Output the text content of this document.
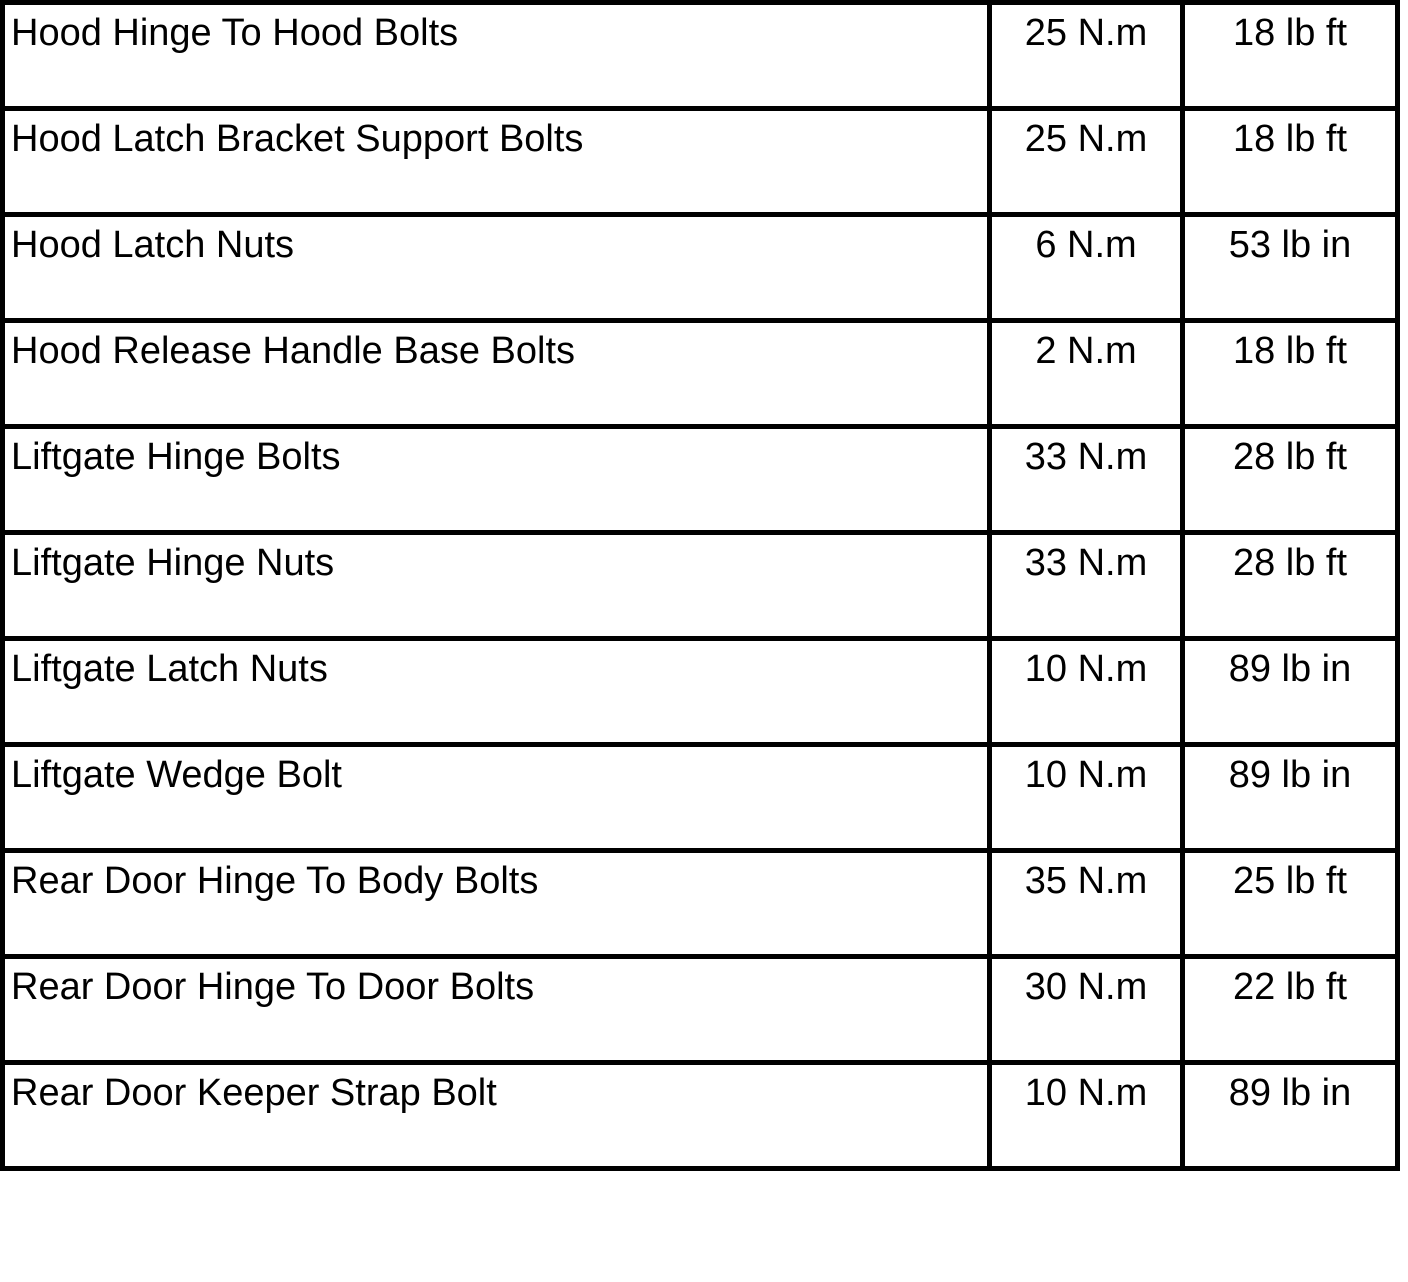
Hood Hinge To Hood Bolts	25 N.m	18 lb ft
Hood Latch Bracket Support Bolts	25 N.m	18 lb ft
Hood Latch Nuts	6 N.m	53 lb in
Hood Release Handle Base Bolts	2 N.m	18 lb ft
Liftgate Hinge Bolts	33 N.m	28 lb ft
Liftgate Hinge Nuts	33 N.m	28 lb ft
Liftgate Latch Nuts	10 N.m	89 lb in
Liftgate Wedge Bolt	10 N.m	89 lb in
Rear Door Hinge To Body Bolts	35 N.m	25 lb ft
Rear Door Hinge To Door Bolts	30 N.m	22 lb ft
Rear Door Keeper Strap Bolt	10 N.m	89 lb in
